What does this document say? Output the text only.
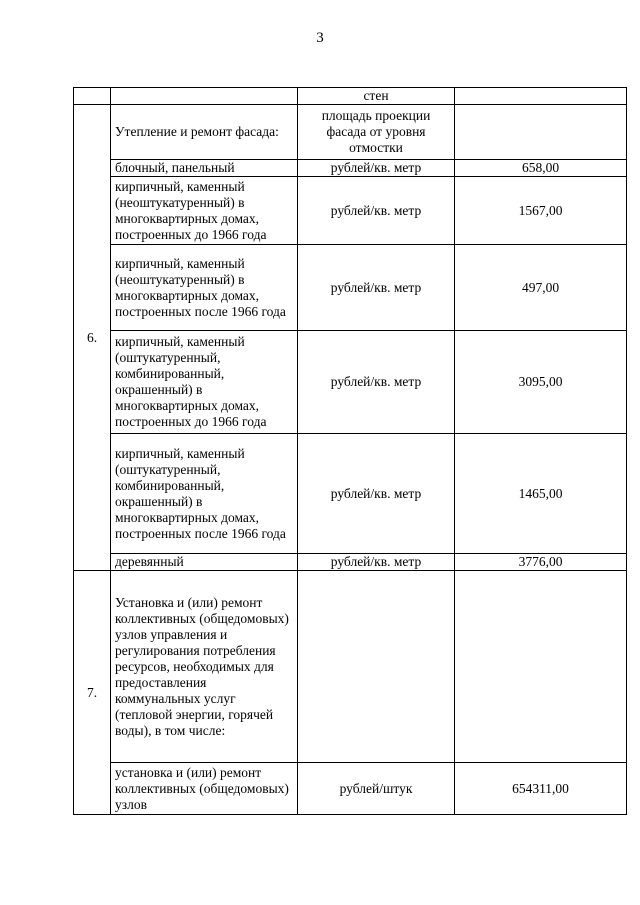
3
		стен	
6.	Утепление и ремонт фасада:	площадь проекции фасада от уровня отмостки	
	блочный, панельный	рублей/кв. метр	658,00
	кирпичный, каменный (неоштукатуренный) в многоквартирных домах, построенных до 1966 года	рублей/кв. метр	1567,00
	кирпичный, каменный (неоштукатуренный) в многоквартирных домах, построенных после 1966 года	рублей/кв. метр	497,00
	кирпичный, каменный (оштукатуренный, комбинированный, окрашенный) в многоквартирных домах, построенных до 1966 года	рублей/кв. метр	3095,00
	кирпичный, каменный (оштукатуренный, комбинированный, окрашенный) в многоквартирных домах, построенных после 1966 года	рублей/кв. метр	1465,00
	деревянный	рублей/кв. метр	3776,00
7.	Установка и (или) ремонт коллективных (общедомовых) узлов управления и регулирования потребления ресурсов, необходимых для предоставления коммунальных услуг (тепловой энергии, горячей воды), в том числе:		
	установка и (или) ремонт коллективных (общедомовых) узлов	рублей/штук	654311,00
